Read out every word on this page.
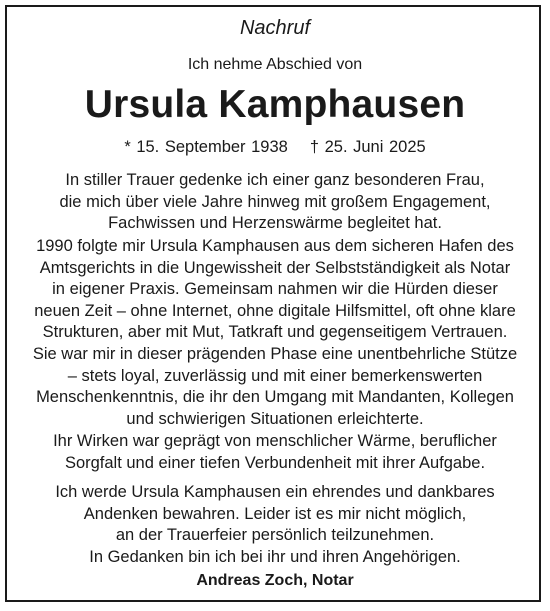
Nachruf
Ich nehme Abschied von
Ursula Kamphausen
* 15. September 1938 † 25. Juni 2025
In stiller Trauer gedenke ich einer ganz besonderen Frau,
die mich über viele Jahre hinweg mit großem Engagement,
Fachwissen und Herzenswärme begleitet hat.
1990 folgte mir Ursula Kamphausen aus dem sicheren Hafen des
Amtsgerichts in die Ungewissheit der Selbstständigkeit als Notar
in eigener Praxis. Gemeinsam nahmen wir die Hürden dieser
neuen Zeit – ohne Internet, ohne digitale Hilfsmittel, oft ohne klare
Strukturen, aber mit Mut, Tatkraft und gegenseitigem Vertrauen.
Sie war mir in dieser prägenden Phase eine unentbehrliche Stütze
– stets loyal, zuverlässig und mit einer bemerkenswerten
Menschenkenntnis, die ihr den Umgang mit Mandanten, Kollegen
und schwierigen Situationen erleichterte.
Ihr Wirken war geprägt von menschlicher Wärme, beruflicher
Sorgfalt und einer tiefen Verbundenheit mit ihrer Aufgabe.
Ich werde Ursula Kamphausen ein ehrendes und dankbares
Andenken bewahren. Leider ist es mir nicht möglich,
an der Trauerfeier persönlich teilzunehmen.
In Gedanken bin ich bei ihr und ihren Angehörigen.
Andreas Zoch, Notar
